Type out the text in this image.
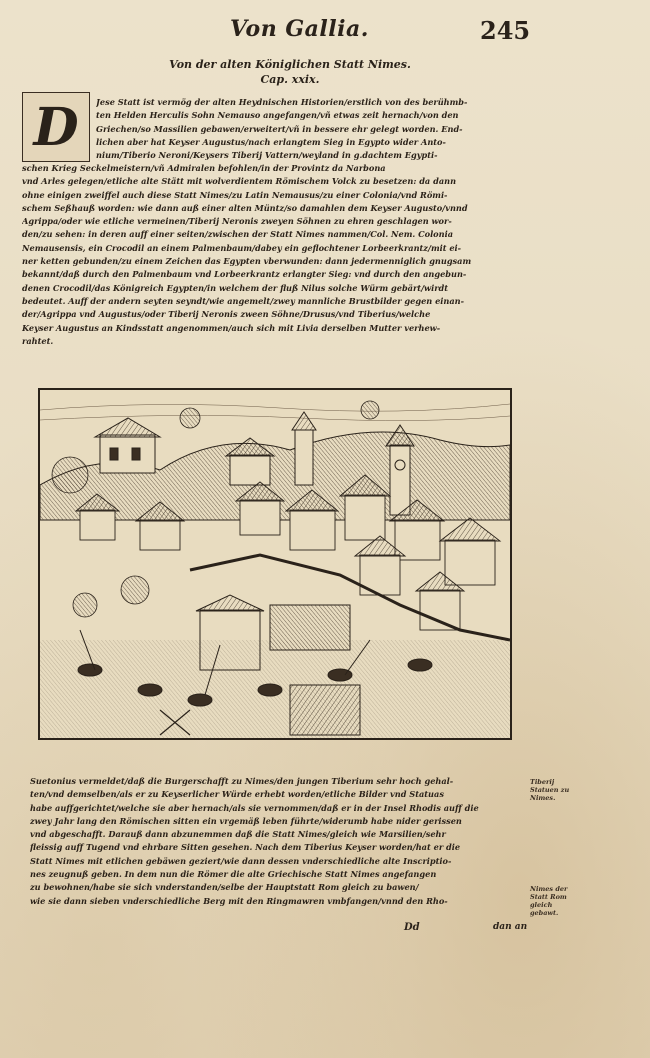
Von Gallia.	245
Von der alten Königlichen Statt Nimes.
Cap. xxix.
D	Jese Statt ist vermög der alten Heydnischen Historien/erstlich von des berühmb-
ten Helden Herculis Sohn Nemauso angefangen/vñ etwas zeit hernach/von den
Griechen/so Massilien gebawen/erweitert/vñ in bessere ehr gelegt worden. End-
lichen aber hat Keyser Augustus/nach erlangtem Sieg in Egypto wider Anto-
nium/Tiberio Neroni/Keysers Tiberij Vattern/weyland in g.dachtem Egypti-
schen Krieg Seckelmeistern/vñ Admiralen befohlen/in der Provintz da Narbona
vnd Arles gelegen/etliche alte Stätt mit wolverdientem Römischem Volck zu besetzen: da dann
ohne einigen zweiffel auch diese Statt Nimes/zu Latin Nemausus/zu einer Colonia/vnd Römi-
schem Seßhauß worden: wie dann auß einer alten Müntz/so damahlen dem Keyser Augusto/vnnd
Agrippa/oder wie etliche vermeinen/Tiberij Neronis zweyen Söhnen zu ehren geschlagen wor-
den/zu sehen: in deren auff einer seiten/zwischen der Statt Nimes nammen/Col. Nem. Colonia
Nemausensis, ein Crocodil an einem Palmenbaum/dabey ein geflochtener Lorbeerkrantz/mit ei-
ner ketten gebunden/zu einem Zeichen das Egypten vberwunden: dann jedermenniglich gnugsam
bekannt/daß durch den Palmenbaum vnd Lorbeerkrantz erlangter Sieg: vnd durch den angebun-
denen Crocodil/das Königreich Egypten/in welchem der fluß Nilus solche Würm gebärt/wirdt
bedeutet. Auff der andern seyten seyndt/wie angemelt/zwey mannliche Brustbilder gegen einan-
der/Agrippa vnd Augustus/oder Tiberij Neronis zween Söhne/Drusus/vnd Tiberius/welche
Keyser Augustus an Kindsstatt angenommen/auch sich mit Livia derselben Mutter verhew-
rahtet.
Suetonius vermeldet/daß die Burgerschafft zu Nimes/den jungen Tiberium sehr hoch gehal-
ten/vnd demselben/als er zu Keyserlicher Würde erhebt worden/etliche Bilder vnd Statuas
habe auffgerichtet/welche sie aber hernach/als sie vernommen/daß er in der Insel Rhodis auff die
zwey Jahr lang den Römischen sitten ein vrgemäß leben führte/widerumb habe nider gerissen
vnd abgeschafft. Darauß dann abzunemmen daß die Statt Nimes/gleich wie Marsilien/sehr
fleissig auff Tugend vnd ehrbare Sitten gesehen. Nach dem Tiberius Keyser worden/hat er die
Statt Nimes mit etlichen gebäwen geziert/wie dann dessen vnderschiedliche alte Inscriptio-
nes zeugnuß geben. In dem nun die Römer die alte Griechische Statt Nimes angefangen
zu bewohnen/habe sie sich vnderstanden/selbe der Hauptstatt Rom gleich zu bawen/
wie sie dann sieben vnderschiedliche Berg mit den Ringmawren vmbfangen/vnnd den Rho-
Tiberij Statuen zu Nimes.
Nimes der Statt Rom gleich gebawt.
Dd	dan an
